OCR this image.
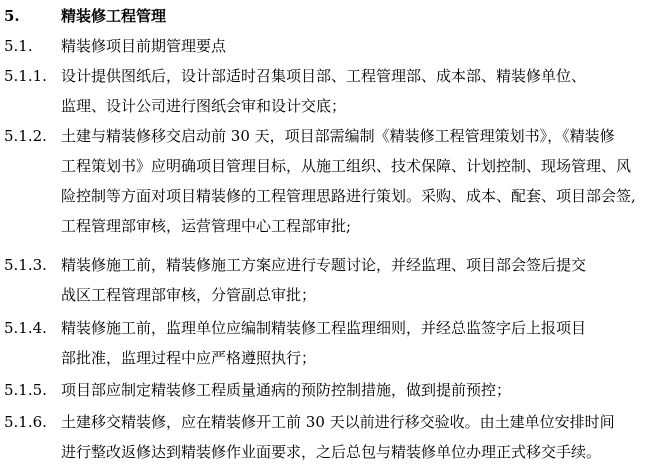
5.	精装修工程管理
5.1. 精装修项目前期管理要点
5.1.1. 设计提供图纸后，设计部适时召集项目部、工程管理部、成本部、精装修单位、
监理、设计公司进行图纸会审和设计交底；
5.1.2. 土建与精装修移交启动前 30 天，项目部需编制《精装修工程管理策划书》，《精装修
工程策划书》应明确项目管理目标，从施工组织、技术保障、计划控制、现场管理、风
险控制等方面对项目精装修的工程管理思路进行策划。采购、成本、配套、项目部会签,
工程管理部审核，运营管理中心工程部审批;
5.1.3. 精装修施工前，精装修施工方案应进行专题讨论，并经监理、项目部会签后提交
战区工程管理部审核，分管副总审批；
5.1.4. 精装修施工前，监理单位应编制精装修工程监理细则，并经总监签字后上报项目
部批准，监理过程中应严格遵照执行；
5.1.5. 项目部应制定精装修工程质量通病的预防控制措施，做到提前预控；
5.1.6. 土建移交精装修，应在精装修开工前 30 天以前进行移交验收。由土建单位安排时间
进行整改返修达到精装修作业面要求，之后总包与精装修单位办理正式移交手续。
